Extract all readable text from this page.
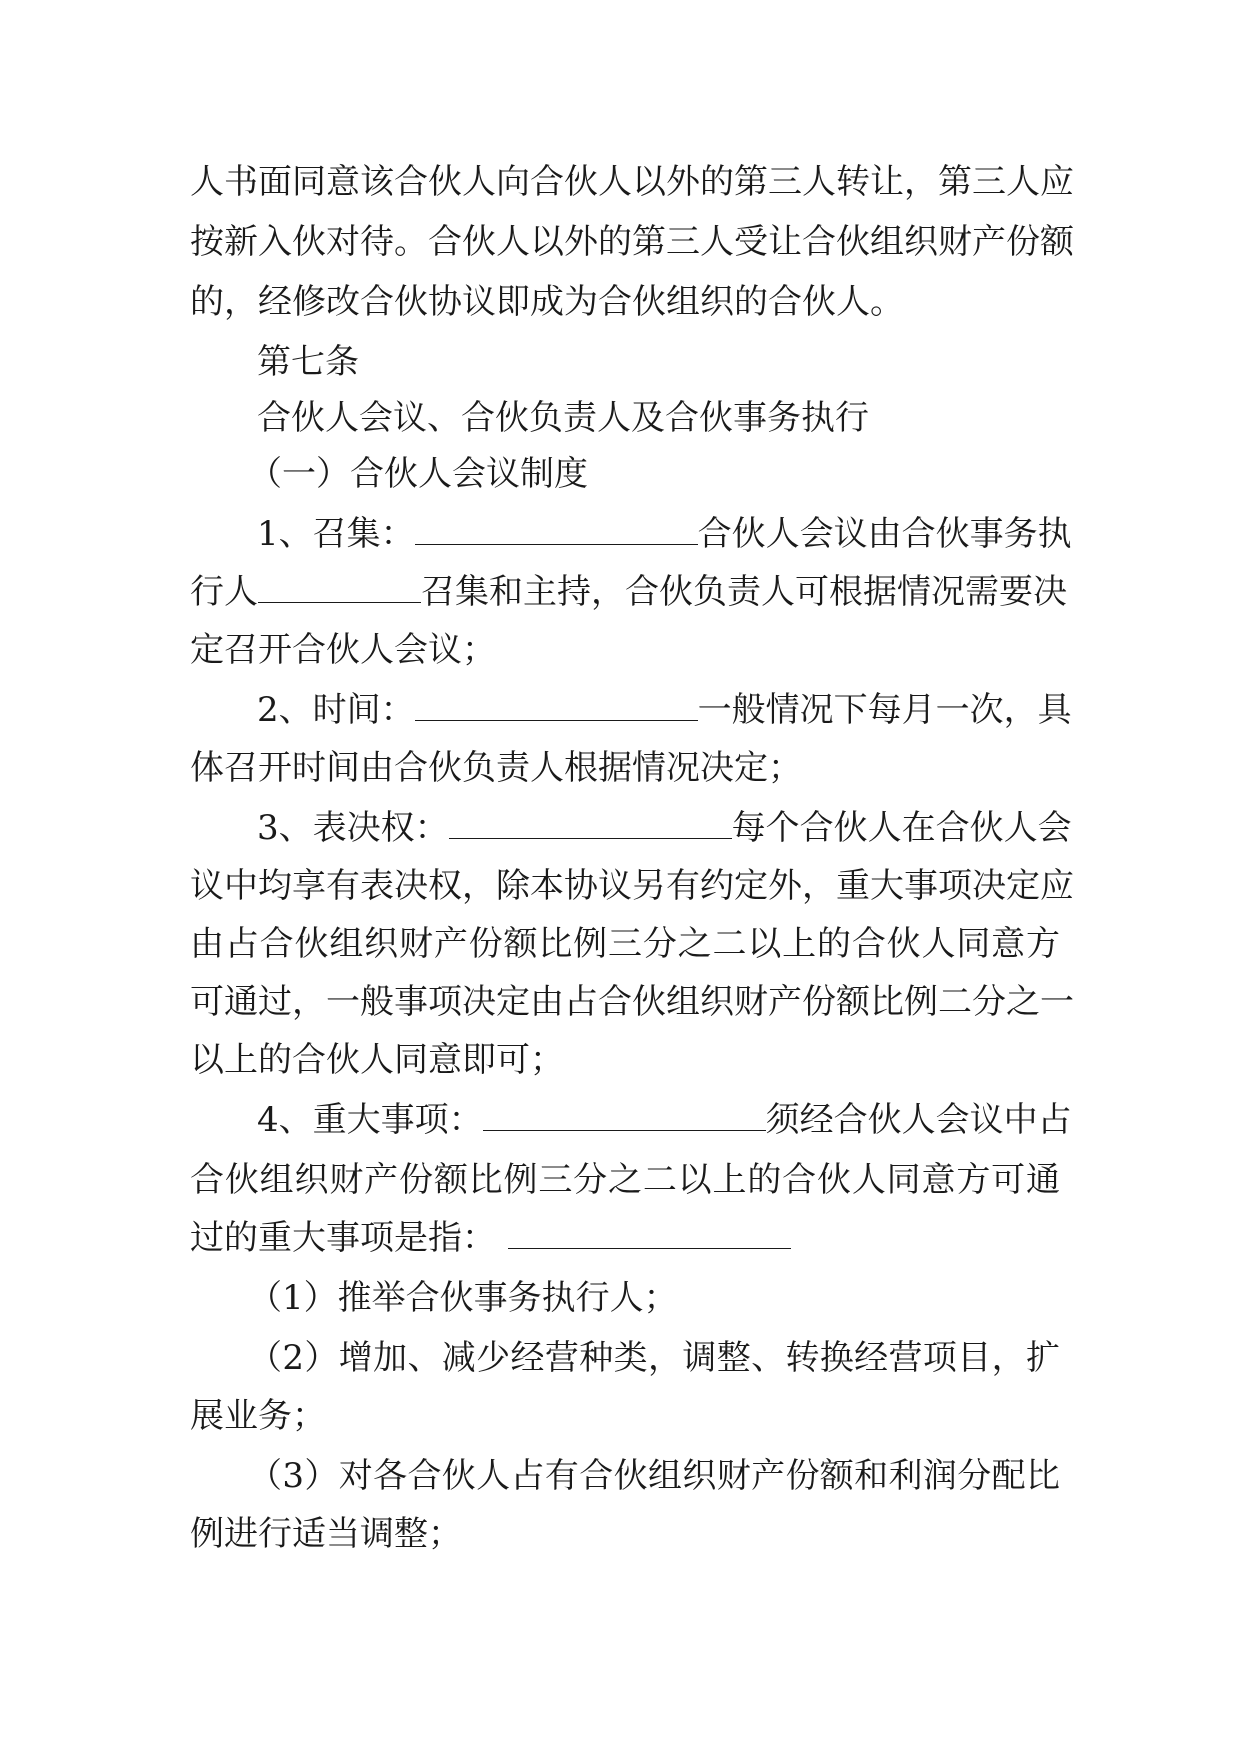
人书面同意该合伙人向合伙人以外的第三人转让，第三人应
按新入伙对待。合伙人以外的第三人受让合伙组织财产份额
的，经修改合伙协议即成为合伙组织的合伙人。
第七条
合伙人会议、合伙负责人及合伙事务执行
（一）合伙人会议制度
1、召集：	合伙人会议由合伙事务执
行人	召集和主持，合伙负责人可根据情况需要决
定召开合伙人会议；
2、时间：	一般情况下每月一次，具
体召开时间由合伙负责人根据情况决定；
3、表决权：	每个合伙人在合伙人会
议中均享有表决权，除本协议另有约定外，重大事项决定应
由占合伙组织财产份额比例三分之二以上的合伙人同意方
可通过，一般事项决定由占合伙组织财产份额比例二分之一
以上的合伙人同意即可；
4、重大事项：	须经合伙人会议中占
合伙组织财产份额比例三分之二以上的合伙人同意方可通
过的重大事项是指：
（1）推举合伙事务执行人；
（2）增加、减少经营种类，调整、转换经营项目，扩
展业务；
（3）对各合伙人占有合伙组织财产份额和利润分配比
例进行适当调整；
